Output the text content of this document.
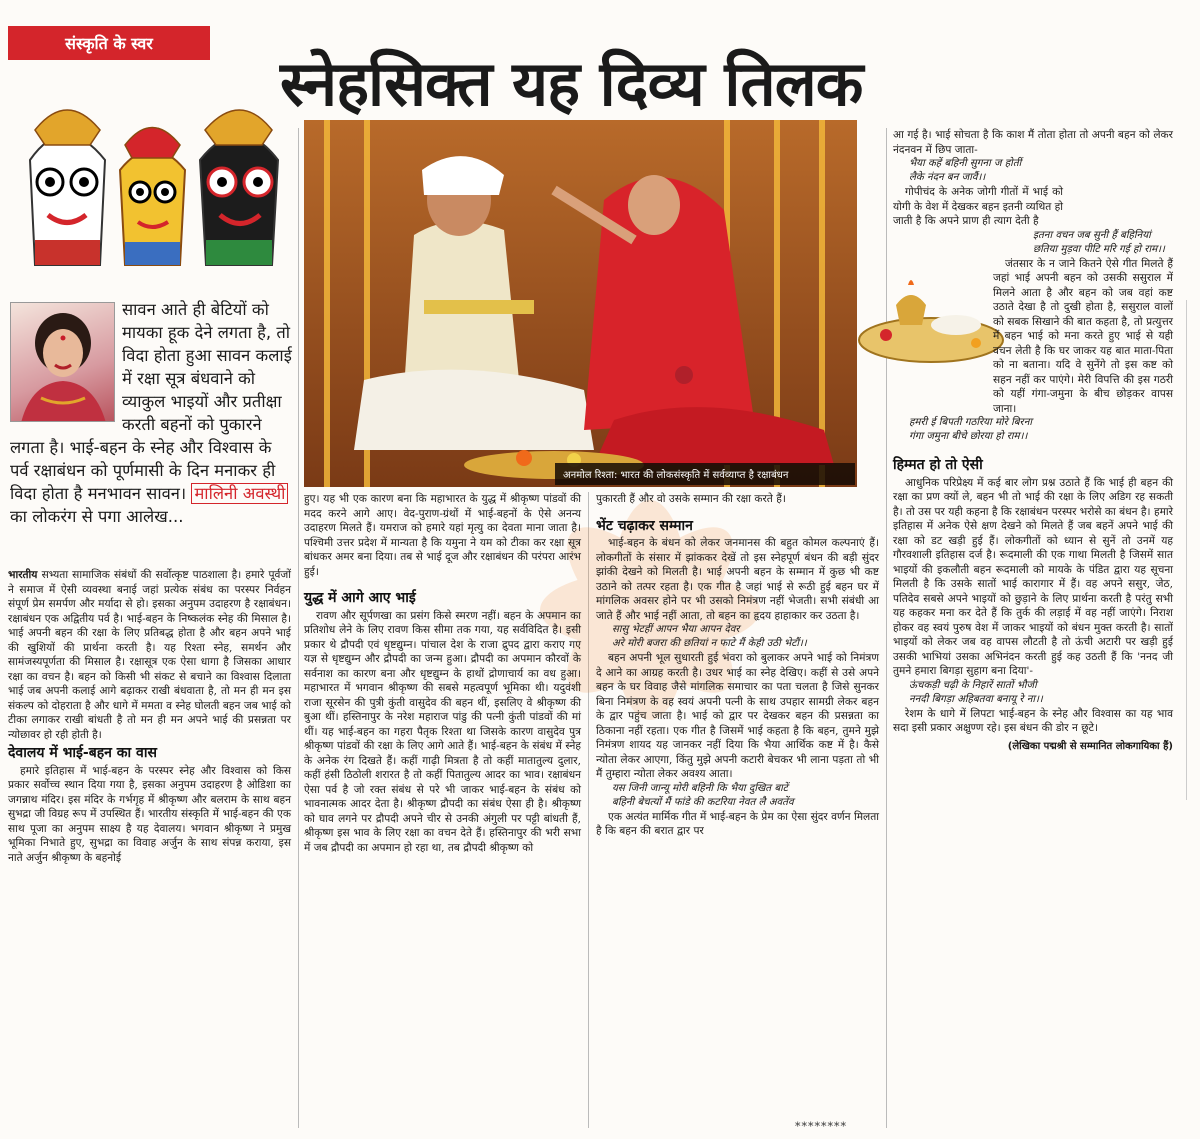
संस्कृति के स्वर
स्नेहसिक्त यह दिव्य तिलक
सावन आते ही बेटियों को मायका हूक देने लगता है, तो विदा होता हुआ सावन कलाई में रक्षा सूत्र बंधवाने को व्याकुल भाइयों और प्रतीक्षा करती बहनों को पुकारने लगता है। भाई-बहन के स्नेह और विश्वास के पर्व रक्षाबंधन को पूर्णमासी के दिन मनाकर ही विदा होता है मनभावन सावन। मालिनी अवस्थी का लोकरंग से पगा आलेख...
अनमोल रिश्ता: भारत की लोकसंस्कृति में सर्वव्याप्त है रक्षाबंधन

भारतीय सभ्यता सामाजिक संबंधों की सर्वोत्कृष्ट पाठशाला है। हमारे पूर्वजों ने समाज में ऐसी व्यवस्था बनाई जहां प्रत्येक संबंध का परस्पर निर्वहन संपूर्ण प्रेम समर्पण और मर्यादा से हो। इसका अनुपम उदाहरण है रक्षाबंधन। रक्षाबंधन एक अद्वितीय पर्व है। भाई-बहन के निष्कलंक स्नेह की मिसाल है। भाई अपनी बहन की रक्षा के लिए प्रतिबद्ध होता है और बहन अपने भाई की खुशियों की प्रार्थना करती है। यह रिश्ता स्नेह, समर्थन और सामंजस्यपूर्णता की मिसाल है। रक्षासूत्र एक ऐसा धागा है जिसका आधार रक्षा का वचन है। बहन को किसी भी संकट से बचाने का विश्वास दिलाता भाई जब अपनी कलाई आगे बढ़ाकर राखी बंधवाता है, तो मन ही मन इस संकल्प को दोहराता है और धागे में ममता व स्नेह घोलती बहन जब भाई को टीका लगाकर राखी बांधती है तो मन ही मन अपने भाई की प्रसन्नता पर न्योछावर हो रही होती है।

देवालय में भाई-बहन का वास

हमारे इतिहास में भाई-बहन के परस्पर स्नेह और विश्वास को किस प्रकार सर्वोच्च स्थान दिया गया है, इसका अनुपम उदाहरण है ओडिशा का जगन्नाथ मंदिर। इस मंदिर के गर्भगृह में श्रीकृष्ण और बलराम के साथ बहन सुभद्रा जी विग्रह रूप में उपस्थित हैं। भारतीय संस्कृति में भाई-बहन की एक साथ पूजा का अनुपम साक्ष्य है यह देवालय। भगवान श्रीकृष्ण ने प्रमुख भूमिका निभाते हुए, सुभद्रा का विवाह अर्जुन के साथ संपन्न कराया, इस नाते अर्जुन श्रीकृष्ण के बहनोई

हुए। यह भी एक कारण बना कि महाभारत के युद्ध में श्रीकृष्ण पांडवों की मदद करने आगे आए। वेद-पुराण-ग्रंथों में भाई-बहनों के ऐसे अनन्य उदाहरण मिलते हैं। यमराज को हमारे यहां मृत्यु का देवता माना जाता है। पश्चिमी उत्तर प्रदेश में मान्यता है कि यमुना ने यम को टीका कर रक्षा सूत्र बांधकर अमर बना दिया। तब से भाई दूज और रक्षाबंधन की परंपरा आरंभ हुई।

युद्ध में आगे आए भाई

रावण और सूर्पणखा का प्रसंग किसे स्मरण नहीं। बहन के अपमान का प्रतिशोध लेने के लिए रावण किस सीमा तक गया, यह सर्वविदित है। इसी प्रकार थे द्रौपदी एवं धृष्टद्युम्न। पांचाल देश के राजा द्रुपद द्वारा कराए गए यज्ञ से धृष्टद्युम्न और द्रौपदी का जन्म हुआ। द्रौपदी का अपमान कौरवों के सर्वनाश का कारण बना और धृष्टद्युम्न के हाथों द्रोणाचार्य का वध हुआ। महाभारत में भगवान श्रीकृष्ण की सबसे महत्वपूर्ण भूमिका थी। यदुवंशी राजा सूरसेन की पुत्री कुंती वासुदेव की बहन थीं, इसलिए वे श्रीकृष्ण की बुआ थीं। हस्तिनापुर के नरेश महाराज पांडु की पत्नी कुंती पांडवों की मां थीं। यह भाई-बहन का गहरा पैतृक रिश्ता था जिसके कारण वासुदेव पुत्र श्रीकृष्ण पांडवों की रक्षा के लिए आगे आते हैं। भाई-बहन के संबंध में स्नेह के अनेक रंग दिखते हैं। कहीं गाढ़ी मित्रता है तो कहीं मातातुल्य दुलार, कहीं हंसी ठिठोली शरारत है तो कहीं पितातुल्य आदर का भाव। रक्षाबंधन ऐसा पर्व है जो रक्त संबंध से परे भी जाकर भाई-बहन के संबंध को भावनात्मक आदर देता है। श्रीकृष्ण द्रौपदी का संबंध ऐसा ही है। श्रीकृष्ण को घाव लगने पर द्रौपदी अपने चीर से उनकी अंगुली पर पट्टी बांधती हैं, श्रीकृष्ण इस भाव के लिए रक्षा का वचन देते हैं। हस्तिनापुर की भरी सभा में जब द्रौपदी का अपमान हो रहा था, तब द्रौपदी श्रीकृष्ण को

पुकारती हैं और वो उसके सम्मान की रक्षा करते हैं।

भेंट चढ़ाकर सम्मान

भाई-बहन के बंधन को लेकर जनमानस की बहुत कोमल कल्पनाएं हैं। लोकगीतों के संसार में झांककर देखें तो इस स्नेहपूर्ण बंधन की बड़ी सुंदर झांकी देखने को मिलती है। भाई अपनी बहन के सम्मान में कुछ भी कष्ट उठाने को तत्पर रहता है। एक गीत है जहां भाई से रूठी हुई बहन घर में मांगलिक अवसर होने पर भी उसको निमंत्रण नहीं भेजती। सभी संबंधी आ जाते हैं और भाई नहीं आता, तो बहन का हृदय हाहाकार कर उठता है।

सासु भेटहीं आपन भैया आपन देवर
अरे मोरी बजरा की छतियां न फाटे मैं केही उठी भेटौं।।

बहन अपनी भूल सुधारती हुई भंवरा को बुलाकर अपने भाई को निमंत्रण दे आने का आग्रह करती है। उधर भाई का स्नेह देखिए। कहीं से उसे अपने बहन के घर विवाह जैसे मांगलिक समाचार का पता चलता है जिसे सुनकर बिना निमंत्रण के वह स्वयं अपनी पत्नी के साथ उपहार सामग्री लेकर बहन के द्वार पहुंच जाता है। भाई को द्वार पर देखकर बहन की प्रसन्नता का ठिकाना नहीं रहता। एक गीत है जिसमें भाई कहता है कि बहन, तुमने मुझे निमंत्रण शायद यह जानकर नहीं दिया कि भैया आर्थिक कष्ट में है। कैसे न्योता लेकर आएगा, किंतु मुझे अपनी कटारी बेचकर भी लाना पड़ता तो भी मैं तुम्हारा न्योता लेकर अवश्य आता।

यस जिनी जान्यू मोरी बहिनी कि भैया दुखित बाटें
बहिनी बेचत्यों मैं फांडे की कटरिया नेवत लै अवतेंव

एक अत्यंत मार्मिक गीत में भाई-बहन के प्रेम का ऐसा सुंदर वर्णन मिलता है कि बहन की बरात द्वार पर

आ गई है। भाई सोचता है कि काश मैं तोता होता तो अपनी बहन को लेकर नंदनवन में छिप जाता-

भैया कहें बहिनी सुगना ज होतीं
लैके नंदन बन जावैं।।

गोपीचंद के अनेक जोगी गीतों में भाई को योगी के वेश में देखकर बहन इतनी व्यथित हो जाती है कि अपने प्राण ही त्याग देती है

इतना वचन जब सुनी हैं बहिनियां
छतिया मुड़वा पीटि मरि गई हो राम।।

जंतसार के न जाने कितने ऐसे गीत मिलते हैं जहां भाई अपनी बहन को उसकी ससुराल में मिलने आता है और बहन को जब वहां कष्ट उठाते देखा है तो दुखी होता है, ससुराल वालों को सबक सिखाने की बात कहता है, तो प्रत्युत्तर में बहन भाई को मना करते हुए भाई से यही वचन लेती है कि घर जाकर यह बात माता-पिता को ना बताना। यदि वे सुनेंगे तो इस कष्ट को सहन नहीं कर पाएंगे। मेरी विपत्ति की इस गठरी को यहीं गंगा-जमुना के बीच छोड़कर वापस जाना।

हमरी ई बिपती गठरिया मोरे बिरना
गंगा जमुना बीचे छोरया हो राम।।
हिम्मत हो तो ऐसी

आधुनिक परिप्रेक्ष्य में कई बार लोग प्रश्न उठाते हैं कि भाई ही बहन की रक्षा का प्रण क्यों ले, बहन भी तो भाई की रक्षा के लिए अडिग रह सकती है। तो उस पर यही कहना है कि रक्षाबंधन परस्पर भरोसे का बंधन है। हमारे इतिहास में अनेक ऐसे क्षण देखने को मिलते हैं जब बहनें अपने भाई की रक्षा को डट खड़ी हुई हैं। लोकगीतों को ध्यान से सुनें तो उनमें यह गौरवशाली इतिहास दर्ज है। रूदमाली की एक गाथा मिलती है जिसमें सात भाइयों की इकलौती बहन रूदमाली को मायके के पंडित द्वारा यह सूचना मिलती है कि उसके सातों भाई कारागार में हैं। वह अपने ससुर, जेठ, पतिदेव सबसे अपने भाइयों को छुड़ाने के लिए प्रार्थना करती है परंतु सभी यह कहकर मना कर देते हैं कि तुर्क की लड़ाई में वह नहीं जाएंगे। निराश होकर वह स्वयं पुरुष वेश में जाकर भाइयों को बंधन मुक्त करती है। सातों भाइयों को लेकर जब वह वापस लौटती है तो ऊंची अटारी पर खड़ी हुई उसकी भाभियां उसका अभिनंदन करती हुई कह उठती हैं कि 'ननद जी तुमने हमारा बिगड़ा सुहाग बना दिया'-

ऊंचकड़ी चढ़ी के निहारें सातों भौजी
ननदी बिगड़ा अहिबतवा बनायू रे ना।।

रेशम के धागे में लिपटा भाई-बहन के स्नेह और विश्वास का यह भाव सदा इसी प्रकार अक्षुण्ण रहे। इस बंधन की डोर न छूटे।

(लेखिका पद्मश्री से सम्मानित लोकगायिका हैं)
********
